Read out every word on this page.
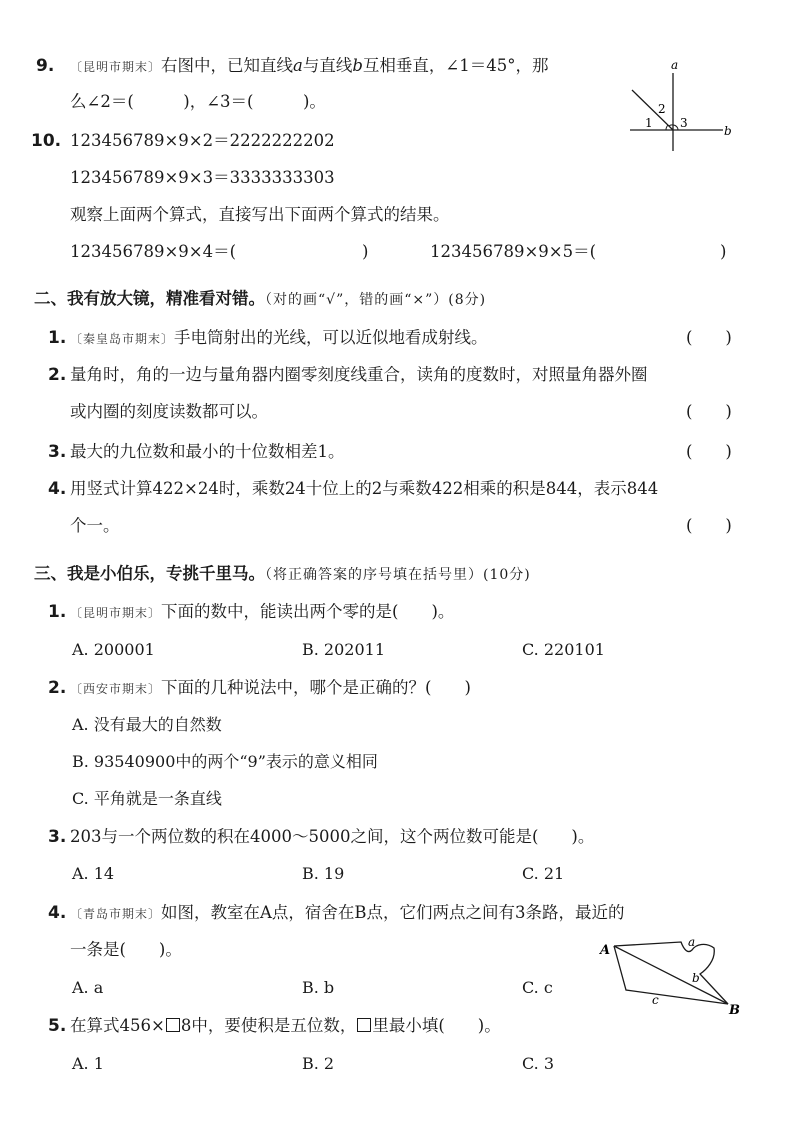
9. 〔昆明市期末〕右图中，已知直线a与直线b互相垂直，∠1＝45°，那
么∠2＝(　　　)，∠3＝(　　　)。
a
b
1
2
3
10. 123456789×9×2＝2222222202
123456789×9×3＝3333333303
观察上面两个算式，直接写出下面两个算式的结果。
123456789×9×4＝(	)	123456789×9×5＝(	)
二、我有放大镜，精准看对错。（对的画“√”，错的画“×”）(8分)
1. 〔秦皇岛市期末〕手电筒射出的光线，可以近似地看成射线。	(　　)
2. 量角时，角的一边与量角器内圈零刻度线重合，读角的度数时，对照量角器外圈
或内圈的刻度读数都可以。	(　　)
3. 最大的九位数和最小的十位数相差1。	(　　)
4. 用竖式计算422×24时，乘数24十位上的2与乘数422相乘的积是844，表示844
个一。	(　　)
三、我是小伯乐，专挑千里马。（将正确答案的序号填在括号里）(10分)
1. 〔昆明市期末〕下面的数中，能读出两个零的是(　　)。
A. 200001	B. 202011	C. 220101
2. 〔西安市期末〕下面的几种说法中，哪个是正确的？(　　)
A. 没有最大的自然数
B. 93540900中的两个“9”表示的意义相同
C. 平角就是一条直线
3. 203与一个两位数的积在4000～5000之间，这个两位数可能是(　　)。
A. 14	B. 19	C. 21
4. 〔青岛市期末〕如图，教室在A点，宿舍在B点，它们两点之间有3条路，最近的
一条是(　　)。
A. a	B. b	C. c
A
B
a
b
c
5. 在算式456× 8中，要使积是五位数， 里最小填(　　)。
A. 1	B. 2	C. 3
